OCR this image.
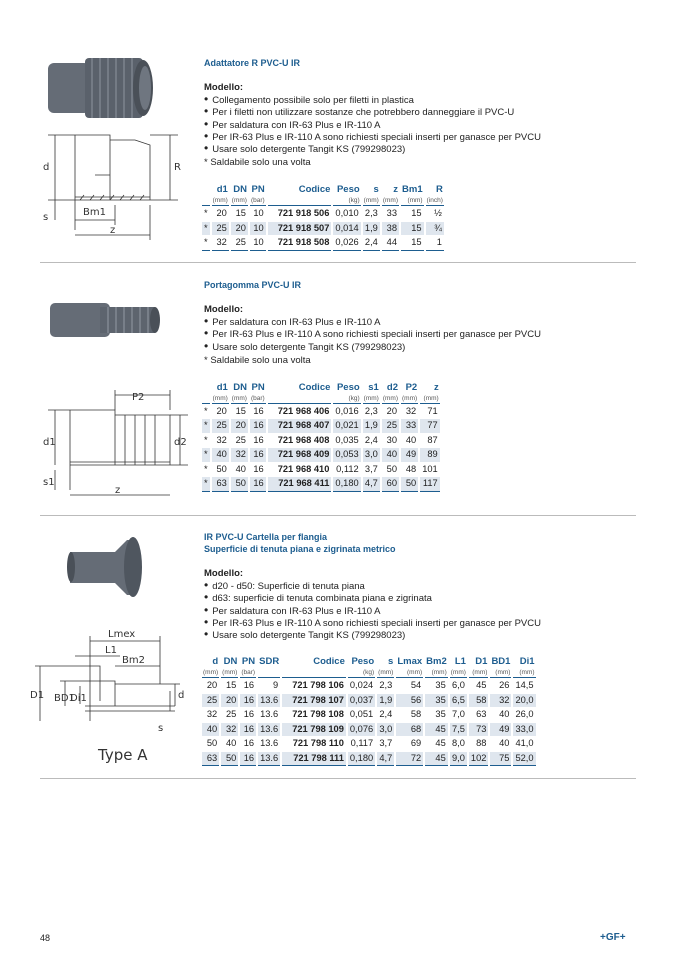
d	R
s	Bm1
z
Adattatore R PVC-U IR
Modello:
• Collegamento possibile solo per filetti in plastica
• Per i filetti non utilizzare sostanze che potrebbero danneggiare il PVC-U
• Per saldatura con IR-63 Plus e IR-110 A
• Per IR-63 Plus e IR-110 A sono richiesti speciali inserti per ganasce per PVCU
• Usare solo detergente Tangit KS (799298023)
* Saldabile solo una volta
	d1	DN	PN	Codice	Peso	s	z	Bm1	R
	(mm)	(mm)	(bar)		(kg)	(mm)	(mm)	(mm)	(inch)
*	20	15	10	721 918 506	0,010	2,3	33	15	½
*	25	20	10	721 918 507	0,014	1,9	38	15	¾
*	32	25	10	721 918 508	0,026	2,4	44	15	1
P2
d1	d2
s1
z
Portagomma PVC-U IR
Modello:
• Per saldatura con IR-63 Plus e IR-110 A
• Per IR-63 Plus e IR-110 A sono richiesti speciali inserti per ganasce per PVCU
• Usare solo detergente Tangit KS (799298023)
* Saldabile solo una volta
	d1	DN	PN	Codice	Peso	s1	d2	P2	z
	(mm)	(mm)	(bar)		(kg)	(mm)	(mm)	(mm)	(mm)
*	20	15	16	721 968 406	0,016	2,3	20	32	71
*	25	20	16	721 968 407	0,021	1,9	25	33	77
*	32	25	16	721 968 408	0,035	2,4	30	40	87
*	40	32	16	721 968 409	0,053	3,0	40	49	89
*	50	40	16	721 968 410	0,112	3,7	50	48	101
*	63	50	16	721 968 411	0,180	4,7	60	50	117
Lmex
L1
Bm2
D1 BD1
Di1	d
s
Type A
IR PVC-U Cartella per flangia
Superficie di tenuta piana e zigrinata metrico
Modello:
• d20 - d50: Superficie di tenuta piana
• d63: superficie di tenuta combinata piana e zigrinata
• Per saldatura con IR-63 Plus e IR-110 A
• Per IR-63 Plus e IR-110 A sono richiesti speciali inserti per ganasce per PVCU
• Usare solo detergente Tangit KS (799298023)
d	DN	PN	SDR	Codice	Peso	s	Lmax	Bm2	L1	D1	BD1	Di1
(mm)	(mm)	(bar)			(kg)	(mm)	(mm)	(mm)	(mm)	(mm)	(mm)	(mm)
20	15	16	9	721 798 106	0,024	2,3	54	35	6,0	45	26	14,5
25	20	16	13.6	721 798 107	0,037	1,9	56	35	6,5	58	32	20,0
32	25	16	13.6	721 798 108	0,051	2,4	58	35	7,0	63	40	26,0
40	32	16	13.6	721 798 109	0,076	3,0	68	45	7,5	73	49	33,0
50	40	16	13.6	721 798 110	0,117	3,7	69	45	8,0	88	40	41,0
63	50	16	13.6	721 798 111	0,180	4,7	72	45	9,0	102	75	52,0
48	+GF+
